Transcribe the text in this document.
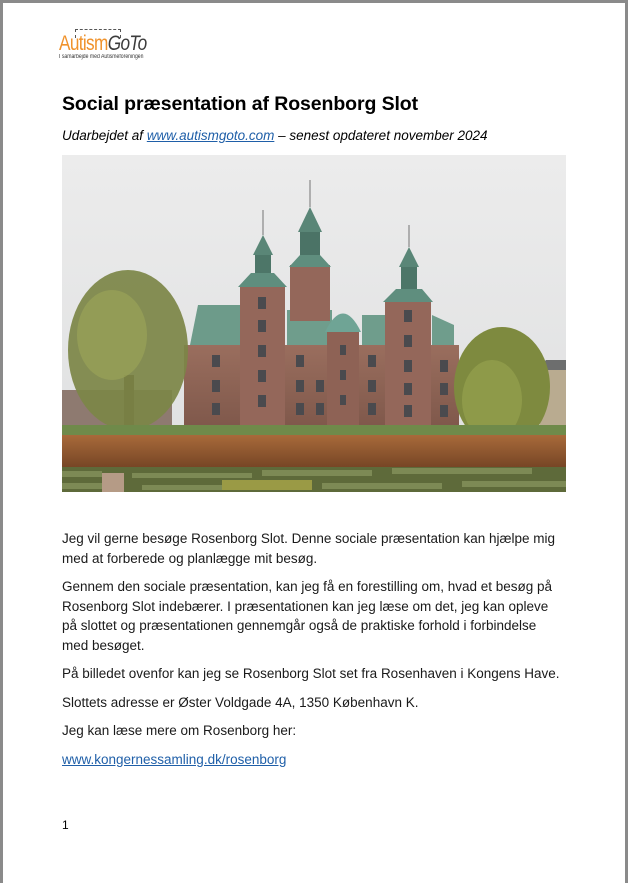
AutismGoTo
I samarbejde med Autismeforeningen
Social præsentation af Rosenborg Slot
Udarbejdet af www.autismgoto.com – senest opdateret november 2024

Jeg vil gerne besøge Rosenborg Slot. Denne sociale præsentation kan hjælpe mig med at forberede og planlægge mit besøg.

Gennem den sociale præsentation, kan jeg få en forestilling om, hvad et besøg på Rosenborg Slot indebærer. I præsentationen kan jeg læse om det, jeg kan opleve på slottet og præsentationen gennemgår også de praktiske forhold i forbindelse med besøget.

På billedet ovenfor kan jeg se Rosenborg Slot set fra Rosenhaven i Kongens Have.

Slottets adresse er Øster Voldgade 4A, 1350 København K.

Jeg kan læse mere om Rosenborg her:

www.kongernessamling.dk/rosenborg

1
